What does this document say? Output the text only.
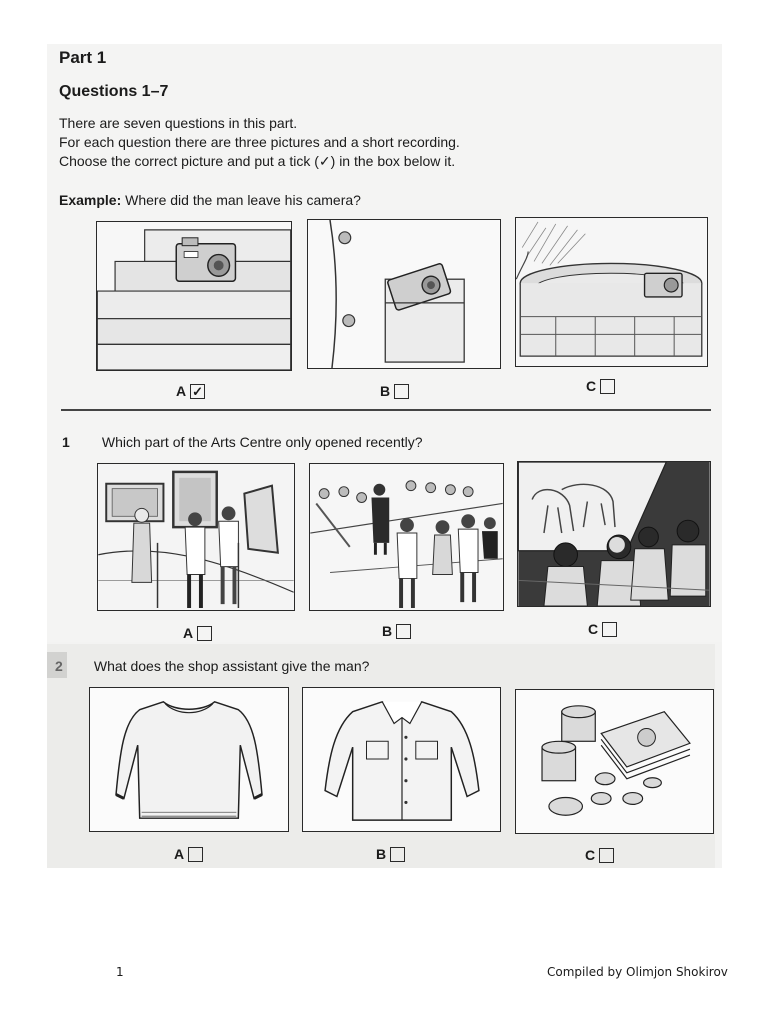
Part 1
Questions 1–7
There are seven questions in this part.
For each question there are three pictures and a short recording.
Choose the correct picture and put a tick (✓) in the box below it.
Example: Where did the man leave his camera?
A ✓	B	C
1 Which part of the Arts Centre only opened recently?
A	B	C
2 What does the shop assistant give the man?
A	B	C
1	Compiled by Olimjon Shokirov
